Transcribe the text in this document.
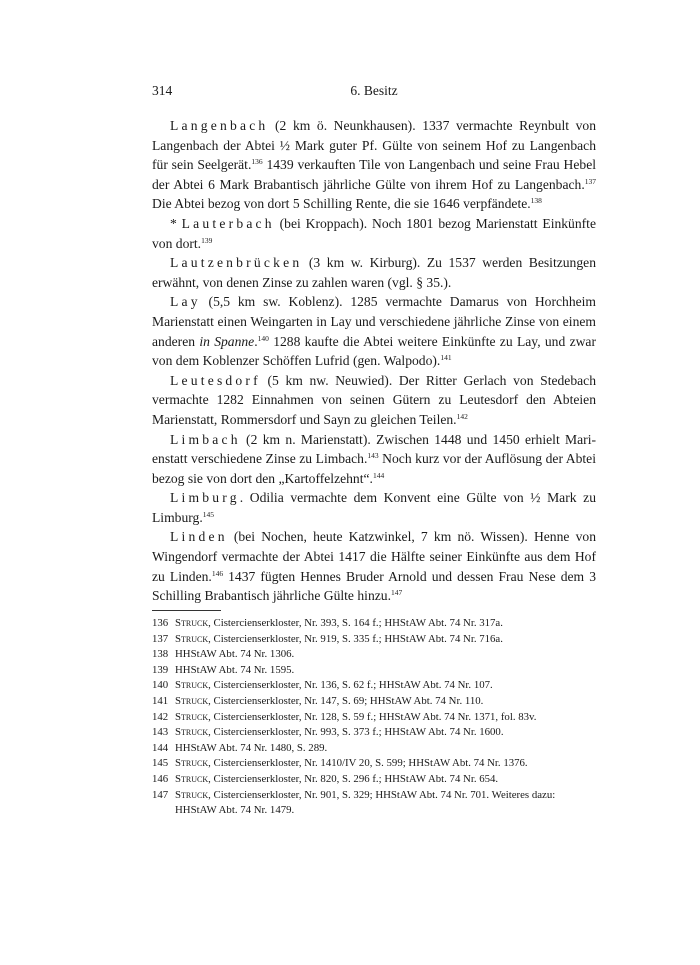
314	6. Besitz

Langenbach (2 km ö. Neunkhausen). 1337 vermachte Reynbult von Langenbach der Abtei ½ Mark guter Pf. Gülte von seinem Hof zu Langenbach für sein Seelgerät.$^{136}$ 1439 verkauften Tile von Langenbach und seine Frau Hebel der Abtei 6 Mark Brabantisch jährliche Gülte von ihrem Hof zu Langenbach.$^{137}$ Die Abtei bezog von dort 5 Schilling Rente, die sie 1646 verpfändete.$^{138}$

* Lauterbach (bei Kroppach). Noch 1801 bezog Marienstatt Einkünfte von dort.$^{139}$

Lautzenbrücken (3 km w. Kirburg). Zu 1537 werden Besitzungen erwähnt, von denen Zinse zu zahlen waren (vgl. § 35.).

Lay (5,5 km sw. Koblenz). 1285 vermachte Damarus von Horchheim Marienstatt einen Weingarten in Lay und verschiedene jährliche Zinse von einem anderen in Spanne.$^{140}$ 1288 kaufte die Abtei weitere Einkünfte zu Lay, und zwar von dem Koblenzer Schöffen Lufrid (gen. Walpodo).$^{141}$

Leutesdorf (5 km nw. Neuwied). Der Ritter Gerlach von Stedebach vermachte 1282 Einnahmen von seinen Gütern zu Leutesdorf den Abteien Marienstatt, Rommersdorf und Sayn zu gleichen Teilen.$^{142}$

Limbach (2 km n. Marienstatt). Zwischen 1448 und 1450 erhielt Marienstatt verschiedene Zinse zu Limbach.$^{143}$ Noch kurz vor der Auflösung der Abtei bezog sie von dort den „Kartoffelzehnt“.$^{144}$

Limburg. Odilia vermachte dem Konvent eine Gülte von ½ Mark zu Limburg.$^{145}$

Linden (bei Nochen, heute Katzwinkel, 7 km nö. Wissen). Henne von Wingendorf vermachte der Abtei 1417 die Hälfte seiner Einkünfte aus dem Hof zu Linden.$^{146}$ 1437 fügten Hennes Bruder Arnold und dessen Frau Nese dem 3 Schilling Brabantisch jährliche Gülte hinzu.$^{147}$

136 Struck, Cistercienserkloster, Nr. 393, S. 164 f.; HHStAW Abt. 74 Nr. 317a.
137 Struck, Cistercienserkloster, Nr. 919, S. 335 f.; HHStAW Abt. 74 Nr. 716a.
138 HHStAW Abt. 74 Nr. 1306.
139 HHStAW Abt. 74 Nr. 1595.
140 Struck, Cistercienserkloster, Nr. 136, S. 62 f.; HHStAW Abt. 74 Nr. 107.
141 Struck, Cistercienserkloster, Nr. 147, S. 69; HHStAW Abt. 74 Nr. 110.
142 Struck, Cistercienserkloster, Nr. 128, S. 59 f.; HHStAW Abt. 74 Nr. 1371, fol. 83v.
143 Struck, Cistercienserkloster, Nr. 993, S. 373 f.; HHStAW Abt. 74 Nr. 1600.
144 HHStAW Abt. 74 Nr. 1480, S. 289.
145 Struck, Cistercienserkloster, Nr. 1410/IV 20, S. 599; HHStAW Abt. 74 Nr. 1376.
146 Struck, Cistercienserkloster, Nr. 820, S. 296 f.; HHStAW Abt. 74 Nr. 654.
147 Struck, Cistercienserkloster, Nr. 901, S. 329; HHStAW Abt. 74 Nr. 701. Weiteres dazu: HHStAW Abt. 74 Nr. 1479.
